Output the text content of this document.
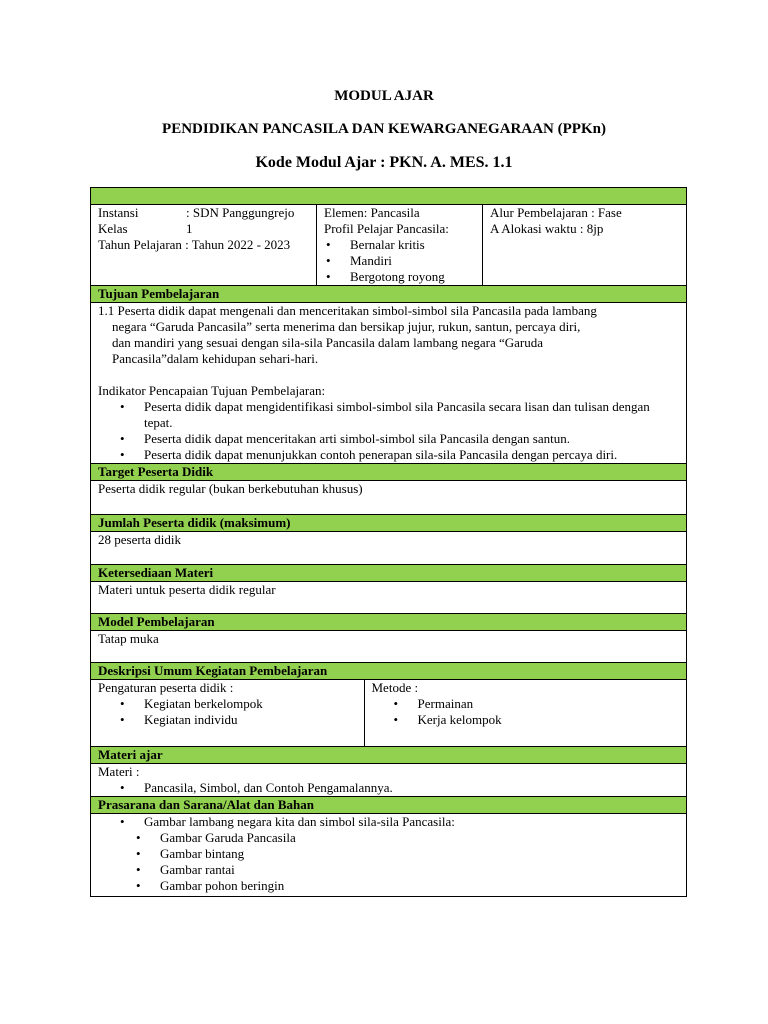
MODUL AJAR
PENDIDIKAN PANCASILA DAN KEWARGANEGARAAN (PPKn)
Kode Modul Ajar : PKN. A. MES. 1.1

Instansi	: SDN Panggungrejo
Kelas	1
Tahun Pelajaran : Tahun 2022 - 2023

Elemen: Pancasila
Profil Pelajar Pancasila:
• Bernalar kritis
• Mandiri
• Bergotong royong

Alur Pembelajaran : Fase
A Alokasi waktu : 8jp

Tujuan Pembelajaran

1.1 Peserta didik dapat mengenali dan menceritakan simbol-simbol sila Pancasila pada lambang
negara “Garuda Pancasila” serta menerima dan bersikap jujur, rukun, santun, percaya diri,
dan mandiri yang sesuai dengan sila-sila Pancasila dalam lambang negara “Garuda
Pancasila”dalam kehidupan sehari-hari.
Indikator Pencapaian Tujuan Pembelajaran:
• Peserta didik dapat mengidentifikasi simbol-simbol sila Pancasila secara lisan dan tulisan dengan tepat.
• Peserta didik dapat menceritakan arti simbol-simbol sila Pancasila dengan santun.
• Peserta didik dapat menunjukkan contoh penerapan sila-sila Pancasila dengan percaya diri.

Target Peserta Didik
Peserta didik regular (bukan berkebutuhan khusus)
Jumlah Peserta didik (maksimum)
28 peserta didik
Ketersediaan Materi
Materi untuk peserta didik regular
Model Pembelajaran
Tatap muka
Deskripsi Umum Kegiatan Pembelajaran

Pengaturan peserta didik :
• Kegiatan berkelompok
• Kegiatan individu

Metode :
• Permainan
• Kerja kelompok

Materi ajar

Materi :
• Pancasila, Simbol, dan Contoh Pengamalannya.

Prasarana dan Sarana/Alat dan Bahan

• Gambar lambang negara kita dan simbol sila-sila Pancasila:
• Gambar Garuda Pancasila
• Gambar bintang
• Gambar rantai
• Gambar pohon beringin
